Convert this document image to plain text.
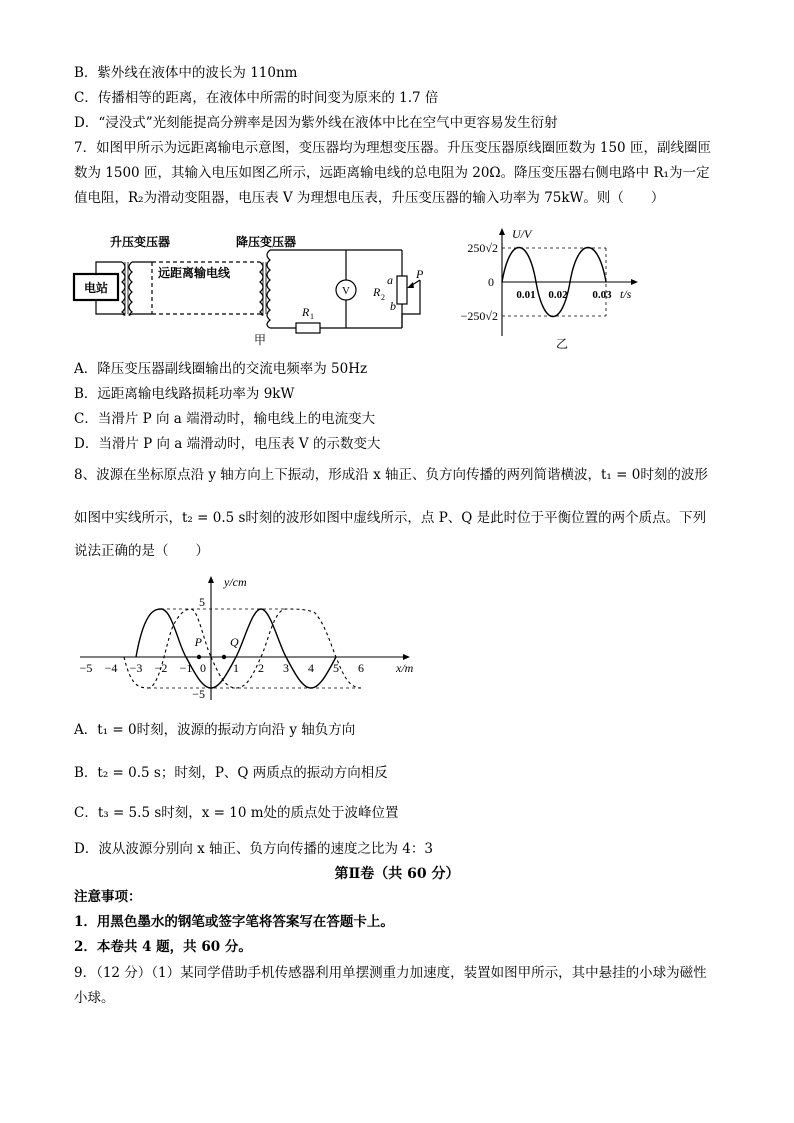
B．紫外线在液体中的波长为 110nm
C．传播相等的距离，在液体中所需的时间变为原来的 1.7 倍
D．“浸没式”光刻能提高分辨率是因为紫外线在液体中比在空气中更容易发生衍射
7．如图甲所示为远距离输电示意图，变压器均为理想变压器。升压变压器原线圈匝数为 150 匝，副线圈匝
数为 1500 匝，其输入电压如图乙所示，远距离输电线的总电阻为 20Ω。降压变压器右侧电路中 R₁为一定
值电阻，R₂为滑动变阻器，电压表 V 为理想电压表，升压变压器的输入功率为 75kW。则（　　）
电站
升压变压器	降压变压器
远距离输电线
V
R 1
R 2
a
b
P
甲
U/V
250√2
−250√2
0
0.01 0.02 0.03 t/s
乙
A．降压变压器副线圈输出的交流电频率为 50Hz
B．远距离输电线路损耗功率为 9kW
C．当滑片 P 向 a 端滑动时，输电线上的电流变大
D．当滑片 P 向 a 端滑动时，电压表 V 的示数变大
8、波源在坐标原点沿 y 轴方向上下振动，形成沿 x 轴正、负方向传播的两列简谐横波，t₁ = 0时刻的波形
如图中实线所示，t₂ = 0.5 s时刻的波形如图中虚线所示，点 P、Q 是此时位于平衡位置的两个质点。下列
说法正确的是（　　）
y/cm
x/m
5
−5
0
P Q
−5 −4 −3 −2 −1	1 2 3 4 5 6
A．t₁ = 0时刻，波源的振动方向沿 y 轴负方向
B．t₂ = 0.5 s；时刻，P、Q 两质点的振动方向相反
C．t₃ = 5.5 s时刻，x = 10 m处的质点处于波峰位置
D．波从波源分别向 x 轴正、负方向传播的速度之比为 4：3
第Ⅱ卷（共 60 分）
注意事项：
1．用黑色墨水的钢笔或签字笔将答案写在答题卡上。
2．本卷共 4 题，共 60 分。
9．（12 分）（1）某同学借助手机传感器利用单摆测重力加速度，装置如图甲所示，其中悬挂的小球为磁性
小球。
